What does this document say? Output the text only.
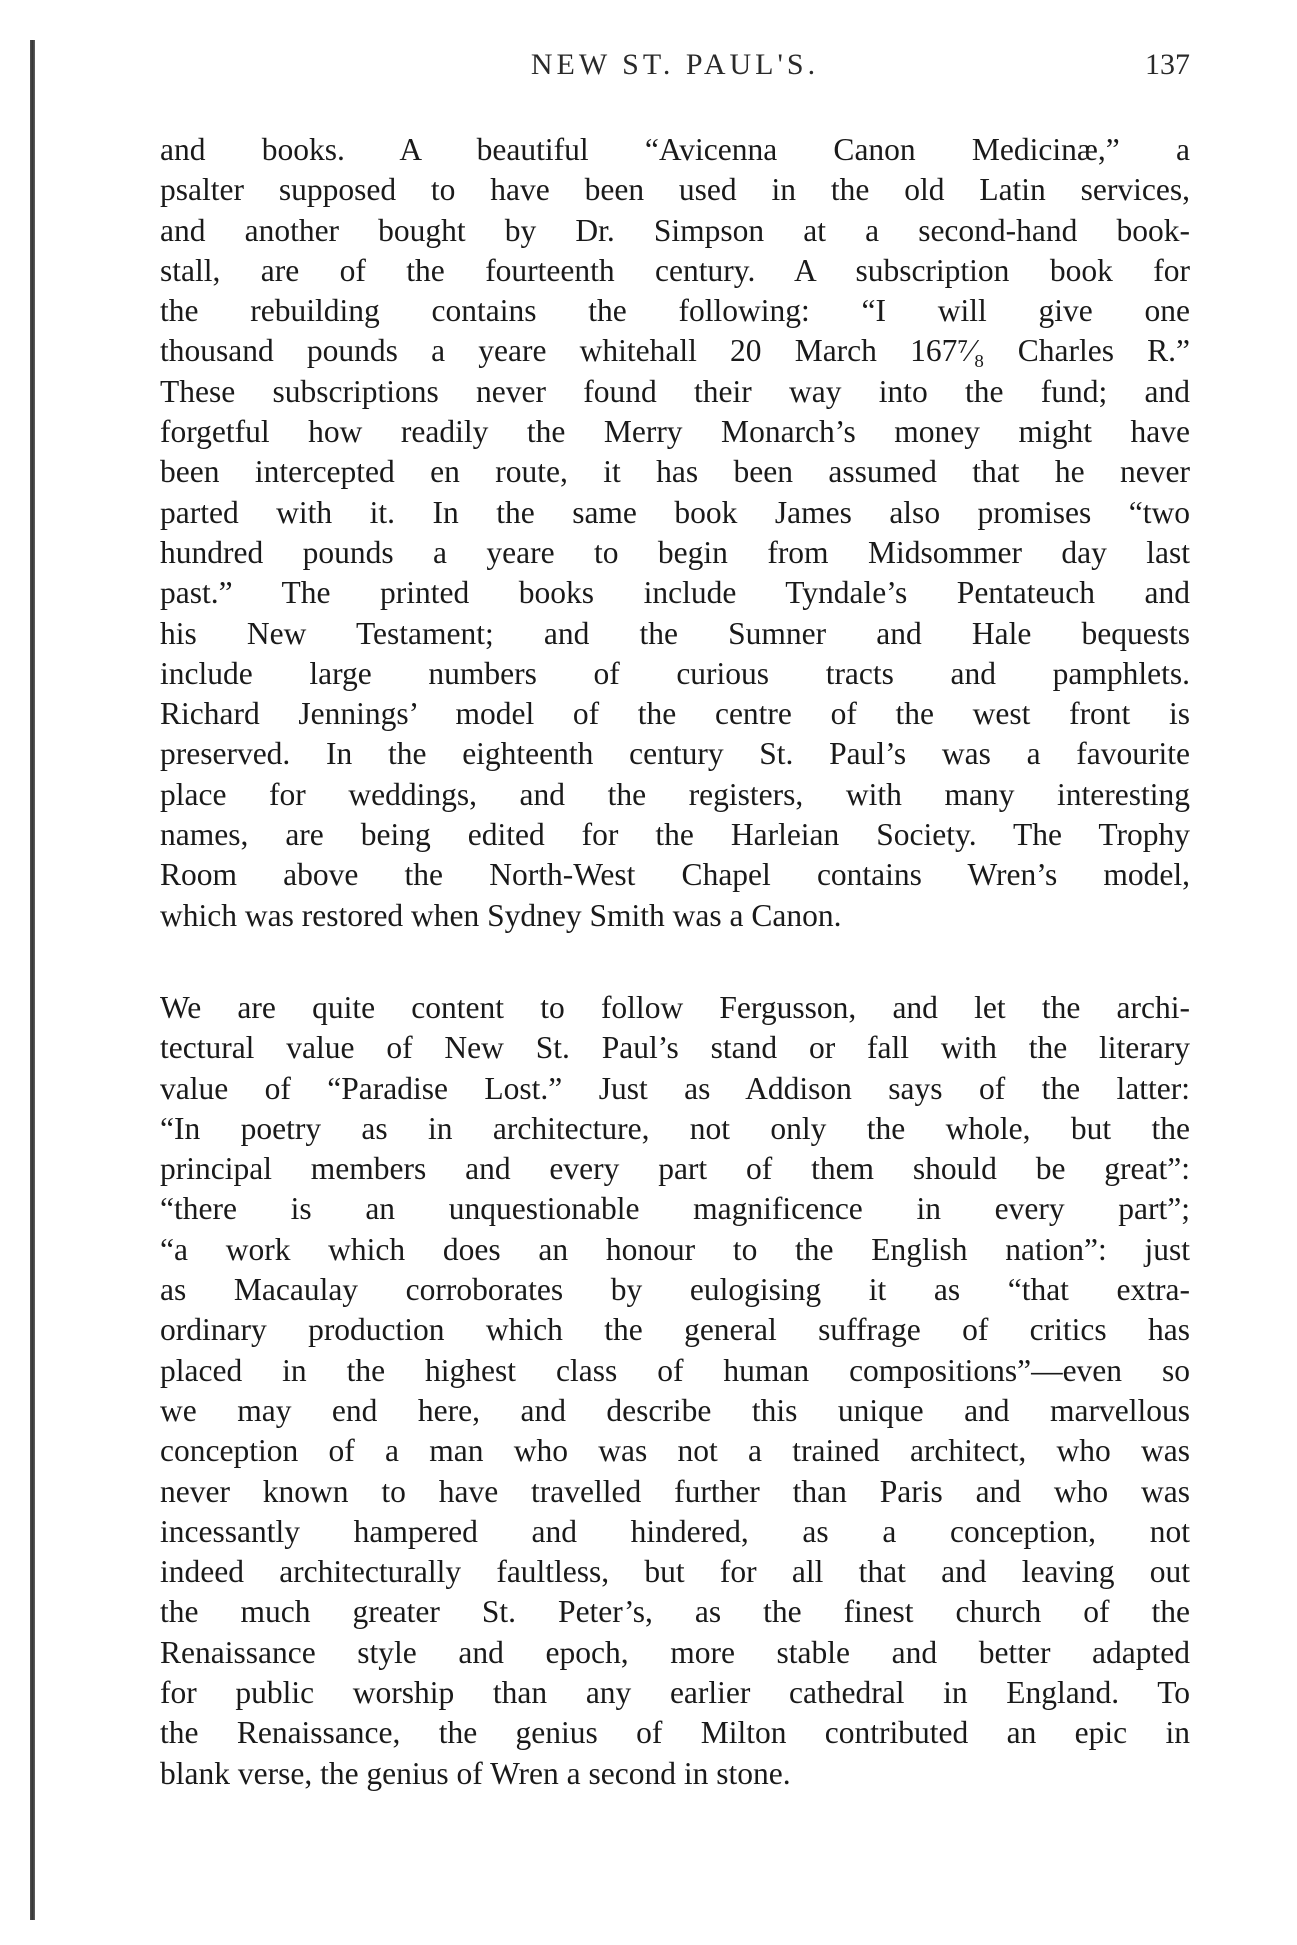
NEW ST. PAUL'S.	137
and books. A beautiful “Avicenna Canon Medicinæ,” a
psalter supposed to have been used in the old Latin services,
and another bought by Dr. Simpson at a second-hand book-
stall, are of the fourteenth century. A subscription book for
the rebuilding contains the following: “I will give one
thousand pounds a yeare whitehall 20 March 167⁷⁄₈ Charles R.”
These subscriptions never found their way into the fund; and
forgetful how readily the Merry Monarch’s money might have
been intercepted en route, it has been assumed that he never
parted with it. In the same book James also promises “two
hundred pounds a yeare to begin from Midsommer day last
past.” The printed books include Tyndale’s Pentateuch and
his New Testament; and the Sumner and Hale bequests
include large numbers of curious tracts and pamphlets.
Richard Jennings’ model of the centre of the west front is
preserved. In the eighteenth century St. Paul’s was a favourite
place for weddings, and the registers, with many interesting
names, are being edited for the Harleian Society. The Trophy
Room above the North-West Chapel contains Wren’s model,
which was restored when Sydney Smith was a Canon.
We are quite content to follow Fergusson, and let the archi-
tectural value of New St. Paul’s stand or fall with the literary
value of “Paradise Lost.” Just as Addison says of the latter:
“In poetry as in architecture, not only the whole, but the
principal members and every part of them should be great”:
“there is an unquestionable magnificence in every part”;
“a work which does an honour to the English nation”: just
as Macaulay corroborates by eulogising it as “that extra-
ordinary production which the general suffrage of critics has
placed in the highest class of human compositions”—even so
we may end here, and describe this unique and marvellous
conception of a man who was not a trained architect, who was
never known to have travelled further than Paris and who was
incessantly hampered and hindered, as a conception, not
indeed architecturally faultless, but for all that and leaving out
the much greater St. Peter’s, as the finest church of the
Renaissance style and epoch, more stable and better adapted
for public worship than any earlier cathedral in England. To
the Renaissance, the genius of Milton contributed an epic in
blank verse, the genius of Wren a second in stone.
